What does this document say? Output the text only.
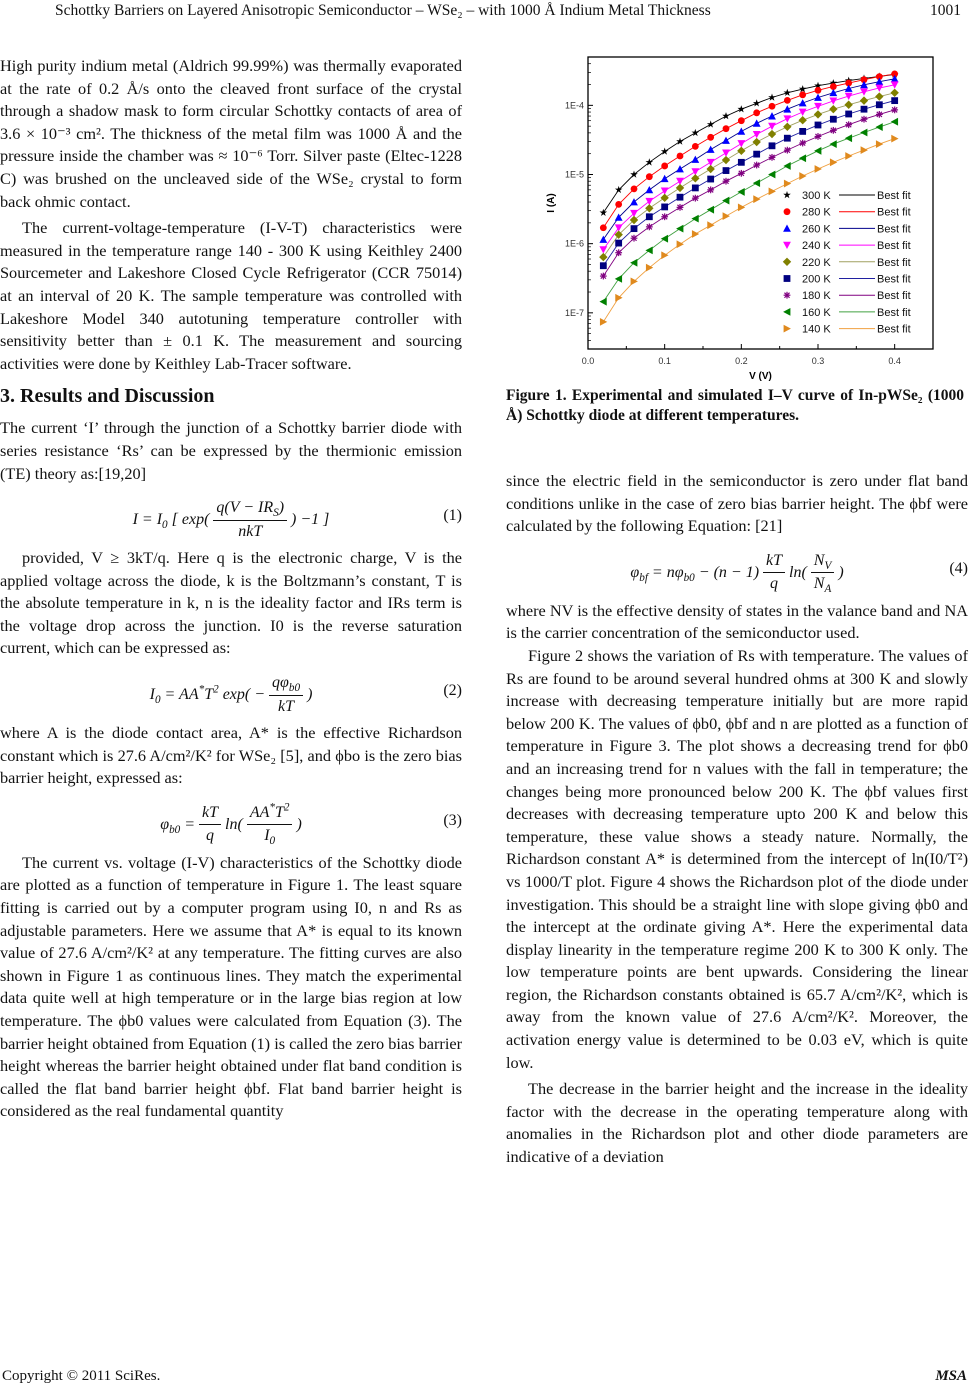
Schottky Barriers on Layered Anisotropic Semiconductor – WSe₂ – with 1000 Å Indium Metal Thickness	1001

High purity indium metal (Aldrich 99.99%) was thermally evaporated at the rate of 0.2 Å/s onto the cleaved front surface of the crystal through a shadow mask to form circular Schottky contacts of area of 3.6 × 10⁻³ cm². The thickness of the metal film was 1000 Å and the pressure inside the chamber was ≈ 10⁻⁶ Torr. Silver paste (Eltec-1228 C) was brushed on the uncleaved side of the WSe₂ crystal to form back ohmic contact.

The current-voltage-temperature (I-V-T) characteristics were measured in the temperature range 140 - 300 K using Keithley 2400 Sourcemeter and Lakeshore Closed Cycle Refrigerator (CCR 75014) at an interval of 20 K. The sample temperature was controlled with Lakeshore Model 340 autotuning temperature controller with sensitivity better than ± 0.1 K. The measurement and sourcing activities were done by Keithley Lab-Tracer software.

3. Results and Discussion

The current ‘I’ through the junction of a Schottky barrier diode with series resistance ‘Rs’ can be expressed by the thermionic emission (TE) theory as:[19,20]

$I = I_0$ [ $\exp( \frac{q(V - IR_S)}{\text{nkT}}$ ) −1 ]	(1)

provided, V ≥ 3kT/q. Here q is the electronic charge, V is the applied voltage across the diode, k is the Boltzmann’s constant, T is the absolute temperature in k, n is the ideality factor and IRs term is the voltage drop across the junction. I0 is the reverse saturation current, which can be expressed as:

$I_0 = AA^*T^2$ $\exp( - \frac{q\varphi_{b0}}{kT}$ )	(2)

where A is the diode contact area, A* is the effective Richardson constant which is 27.6 A/cm²/K² for WSe₂ [5], and ϕbo is the zero bias barrier height, expressed as:

$\varphi_{b0} = \frac{kT}{q} \ln( \frac{AA^*T^2}{I_0}$ )	(3)

The current vs. voltage (I-V) characteristics of the Schottky diode are plotted as a function of temperature in Figure 1. The least square fitting is carried out by a computer program using I0, n and Rs as adjustable parameters. Here we assume that A* is equal to its known value of 27.6 A/cm²/K² at any temperature. The fitting curves are also shown in Figure 1 as continuous lines. They match the experimental data quite well at high temperature or in the large bias region at low temperature. The ϕb0 values were calculated from Equation (3). The barrier height obtained from Equation (1) is called the zero bias barrier height whereas the barrier height obtained under flat band condition is called the flat band barrier height ϕbf. Flat band barrier height is considered as the real fundamental quantity

0.0	0.1	0.2	0.3	0.4
1E-7
1E-6
1E-5
1E-4
V (V)
I (A)	300 K	Best fit
280 K	Best fit
260 K	Best fit
240 K	Best fit
220 K	Best fit
200 K	Best fit
180 K	Best fit
160 K	Best fit
140 K	Best fit
Figure 1. Experimental and simulated I–V curve of In-pWSe₂ (1000 Å) Schottky diode at different temperatures.

since the electric field in the semiconductor is zero under flat band conditions unlike in the case of zero bias barrier height. The ϕbf were calculated by the following Equation: [21]

$\varphi_{bf} = n\varphi_{b0} - (n - 1) \frac{kT}{q} \ln( \frac{N_V}{N_A}$ )	(4)

where NV is the effective density of states in the valance band and NA is the carrier concentration of the semiconductor used.

Figure 2 shows the variation of Rs with temperature. The values of Rs are found to be around several hundred ohms at 300 K and slowly increase with decreasing temperature initially but are more rapid below 200 K. The values of ϕb0, ϕbf and n are plotted as a function of temperature in Figure 3. The plot shows a decreasing trend for ϕb0 and an increasing trend for n values with the fall in temperature; the changes being more pronounced below 200 K. The ϕbf values first decreases with decreasing temperature upto 200 K and below this temperature, these value shows a steady nature. Normally, the Richardson constant A* is determined from the intercept of ln(I0/T²) vs 1000/T plot. Figure 4 shows the Richardson plot of the diode under investigation. This should be a straight line with slope giving ϕb0 and the intercept at the ordinate giving A*. Here the experimental data display linearity in the temperature regime 200 K to 300 K only. The low temperature points are bent upwards. Considering the linear region, the Richardson constants obtained is 65.7 A/cm²/K², which is away from the known value of 27.6 A/cm²/K². Moreover, the activation energy value is determined to be 0.03 eV, which is quite low.

The decrease in the barrier height and the increase in the ideality factor with the decrease in the operating temperature along with anomalies in the Richardson plot and other diode parameters are indicative of a deviation

Copyright © 2011 SciRes.	MSA
